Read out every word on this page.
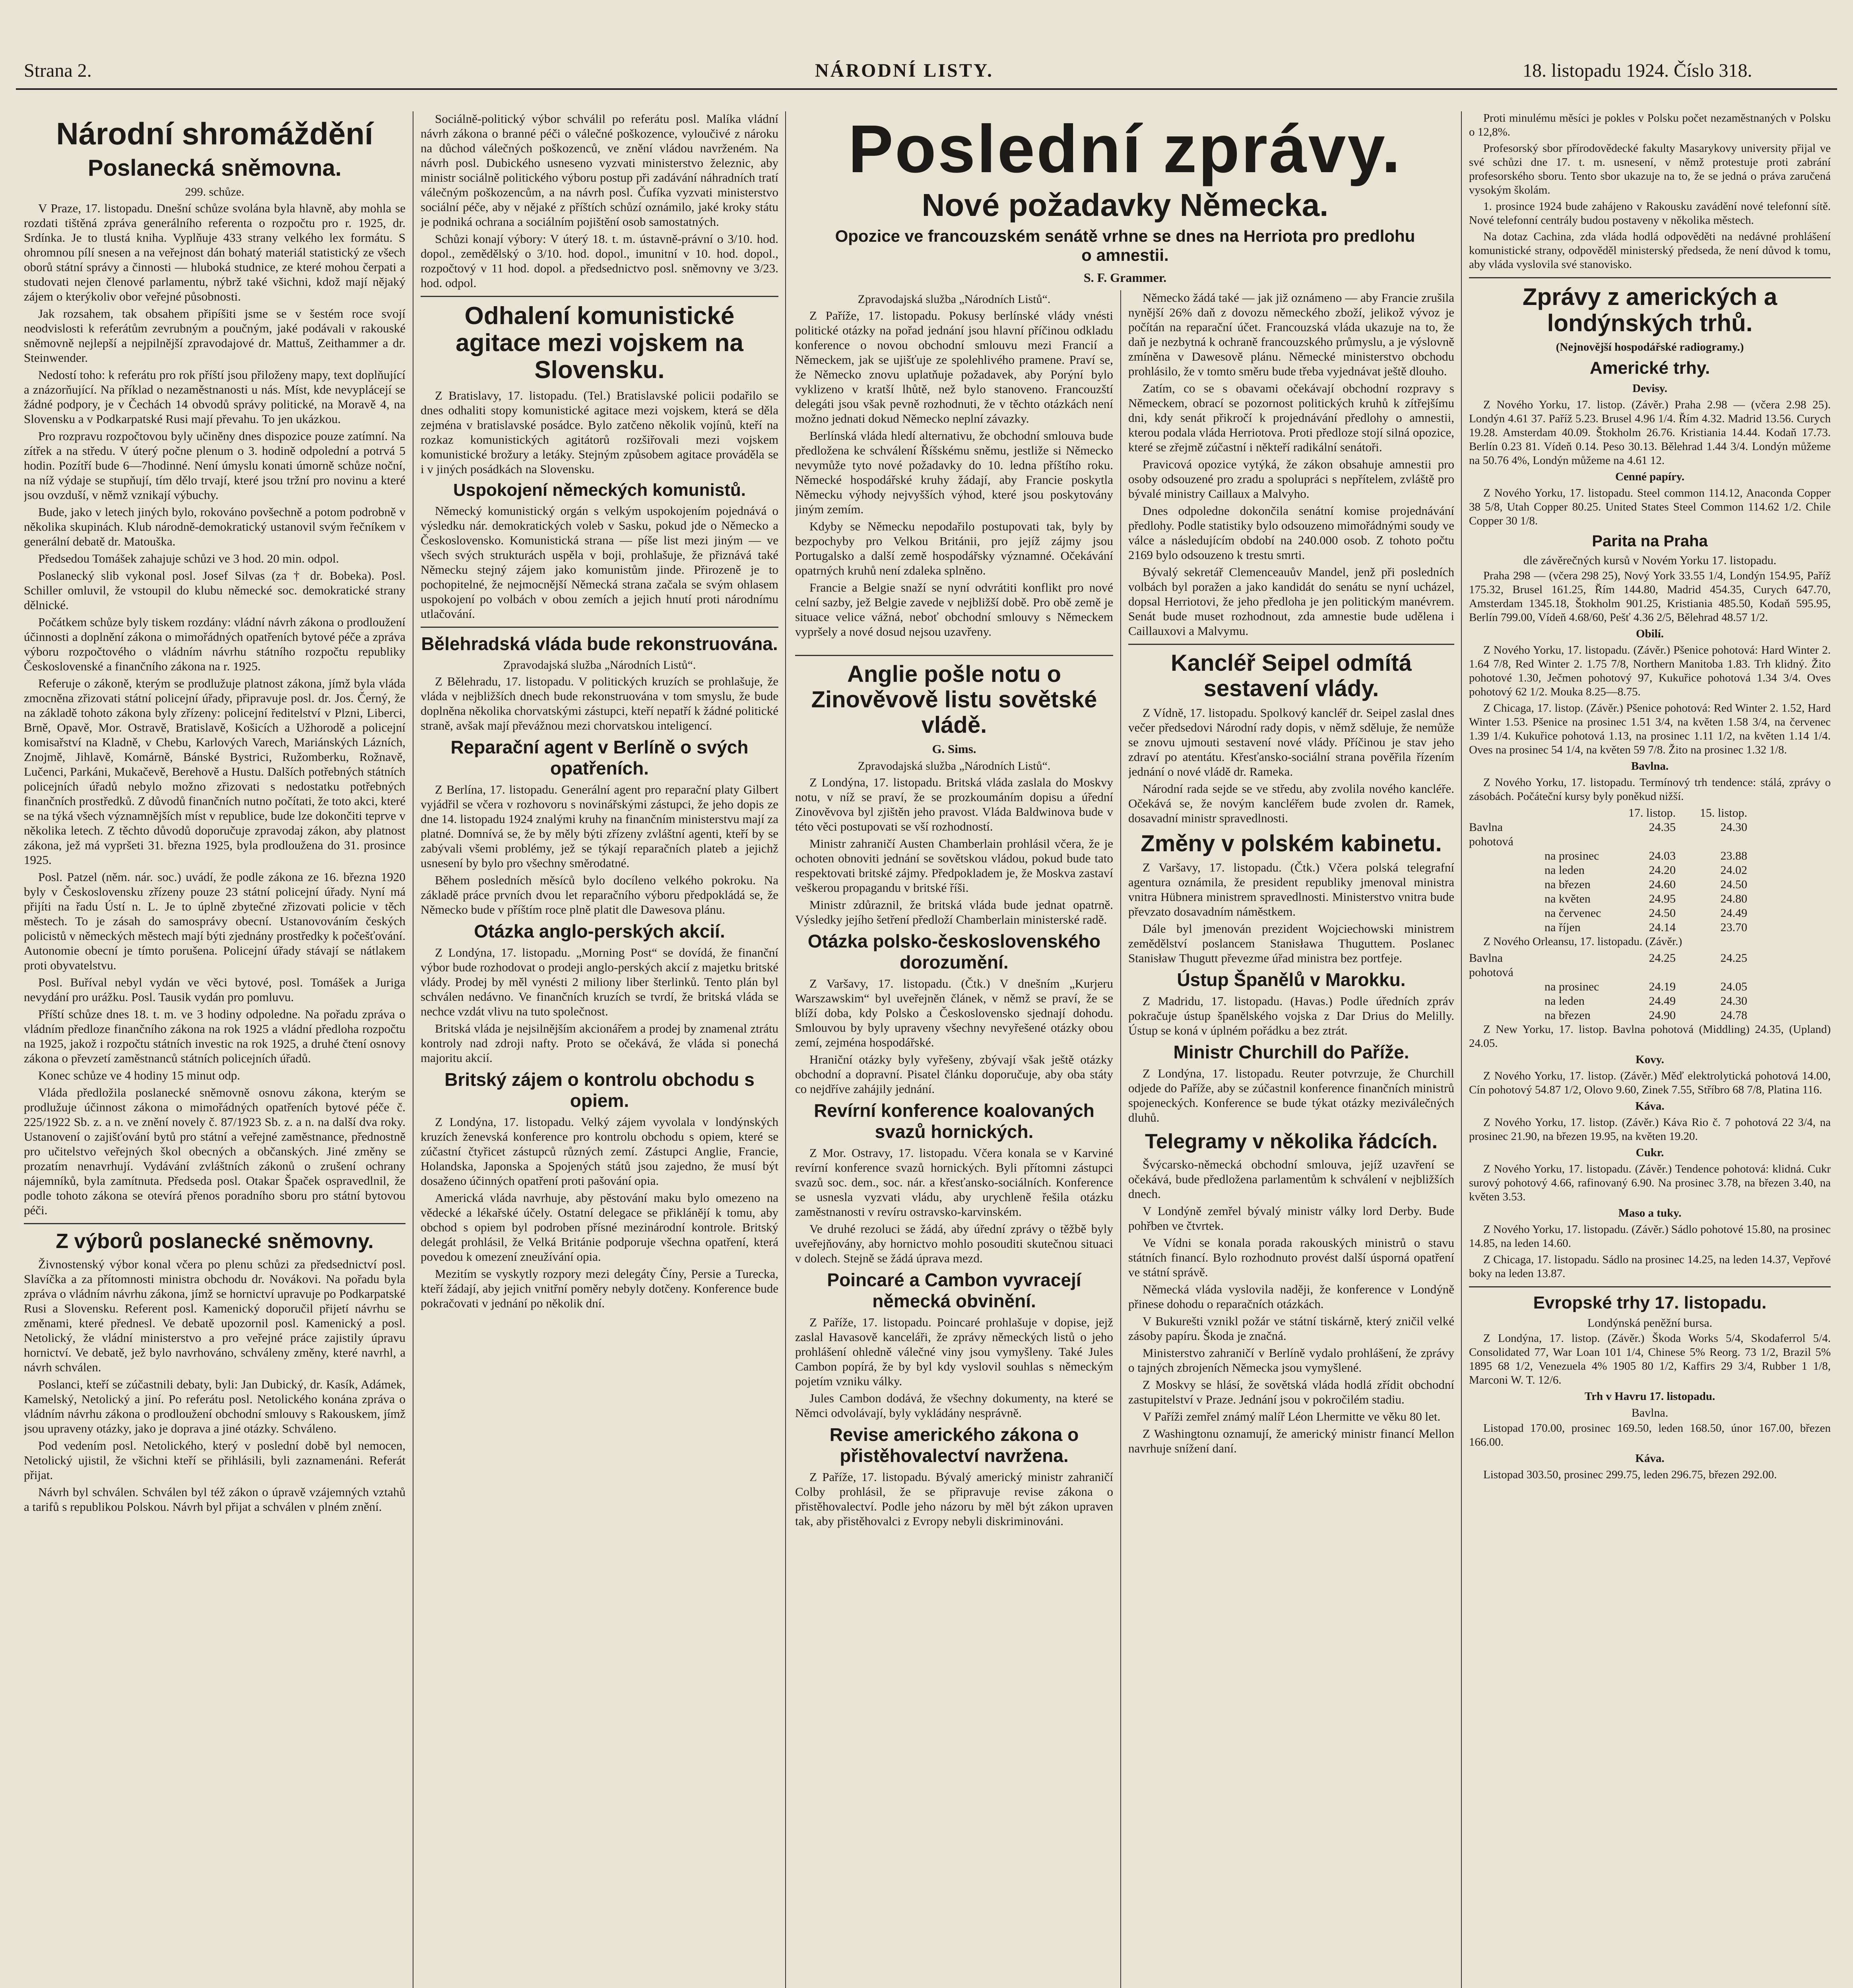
Strana 2.	NÁRODNÍ LISTY.	18. listopadu 1924. Číslo 318.
Národní shromáždění
Poslanecká sněmovna.
299. schůze.

V Praze, 17. listopadu. Dnešní schůze svolána byla hlavně, aby mohla se rozdati tištěná zpráva generálního referenta o rozpočtu pro r. 1925, dr. Srdínka. Je to tlustá kniha. Vyplňuje 433 strany velkého lex formátu. S ohromnou pílí snesen a na veřejnost dán bohatý materiál statistický ze všech oborů státní správy a činnosti — hluboká studnice, ze které mohou čerpati a studovati nejen členové parlamentu, nýbrž také všichni, kdož mají nějaký zájem o kterýkoliv obor veřejné působnosti.

Jak rozsahem, tak obsahem připíšiti jsme se v šestém roce svojí neodvislosti k referátům zevrubným a poučným, jaké podávali v rakouské sněmovně nejlepší a nejpilnější zpravodajové dr. Mattuš, Zeithammer a dr. Steinwender.

Nedostí toho: k referátu pro rok příští jsou přiloženy mapy, text doplňující a znázorňující. Na příklad o nezaměstnanosti u nás. Míst, kde nevyplácejí se žádné podpory, je v Čechách 14 obvodů správy politické, na Moravě 4, na Slovensku a v Podkarpatské Rusi mají převahu. To jen ukázkou.

Pro rozpravu rozpočtovou byly učiněny dnes dispozice pouze zatímní. Na zítřek a na středu. V úterý počne plenum o 3. hodině odpolední a potrvá 5 hodin. Pozítří bude 6—7hodinné. Není úmyslu konati úmorně schůze noční, na níž výdaje se stupňují, tím dělo trvají, které jsou tržní pro novinu a které jsou ovzduší, v němž vznikají výbuchy.

Bude, jako v letech jiných bylo, rokováno povšechně a potom podrobně v několika skupinách. Klub národně-demokratický ustanovil svým řečníkem v generální debatě dr. Matouška.

Předsedou Tomášek zahajuje schůzi ve 3 hod. 20 min. odpol.

Poslanecký slib vykonal posl. Josef Silvas (za † dr. Bobeka). Posl. Schiller omluvil, že vstoupil do klubu německé soc. demokratické strany dělnické.

Počátkem schůze byly tiskem rozdány: vládní návrh zákona o prodloužení účinnosti a doplnění zákona o mimořádných opatřeních bytové péče a zpráva výboru rozpočtového o vládním návrhu státního rozpočtu republiky Československé a finančního zákona na r. 1925.

Referuje o zákoně, kterým se prodlužuje platnost zákona, jímž byla vláda zmocněna zřizovati státní policejní úřady, připravuje posl. dr. Jos. Černý, že na základě tohoto zákona byly zřízeny: policejní ředitelství v Plzni, Liberci, Brně, Opavě, Mor. Ostravě, Bratislavě, Košicích a Užhorodě a policejní komisařství na Kladně, v Chebu, Karlových Varech, Mariánských Lázních, Znojmě, Jihlavě, Komárně, Bánské Bystrici, Ružomberku, Rožnavě, Lučenci, Parkáni, Mukačevě, Berehově a Hustu. Dalších potřebných státních policejních úřadů nebylo možno zřizovati s nedostatku potřebných finančních prostředků. Z důvodů finančních nutno počítati, že toto akci, které se na týká všech významnějších míst v republice, bude lze dokončiti teprve v několika letech. Z těchto důvodů doporučuje zpravodaj zákon, aby platnost zákona, jež má vypršeti 31. března 1925, byla prodloužena do 31. prosince 1925.

Posl. Patzel (něm. nár. soc.) uvádí, že podle zákona ze 16. března 1920 byly v Československu zřízeny pouze 23 státní policejní úřady. Nyní má přijíti na řadu Ústí n. L. Je to úplně zbytečné zřizovati policie v těch městech. To je zásah do samosprávy obecní. Ustanovováním českých policistů v německých městech mají býti zjednány prostředky k počešťování. Autonomie obecní je tímto porušena. Policejní úřady stávají se nátlakem proti obyvatelstvu.

Posl. Buříval nebyl vydán ve věci bytové, posl. Tomášek a Juriga nevydání pro urážku. Posl. Tausik vydán pro pomluvu.

Příští schůze dnes 18. t. m. ve 3 hodiny odpoledne. Na pořadu zpráva o vládním předloze finančního zákona na rok 1925 a vládní předloha rozpočtu na 1925, jakož i rozpočtu státních investic na rok 1925, a druhé čtení osnovy zákona o převzetí zaměstnanců státních policejních úřadů.

Konec schůze ve 4 hodiny 15 minut odp.

Vláda předložila poslanecké sněmovně osnovu zákona, kterým se prodlužuje účinnost zákona o mimořádných opatřeních bytové péče č. 225/1922 Sb. z. a n. ve znění novely č. 87/1923 Sb. z. a n. na další dva roky. Ustanovení o zajišťování bytů pro státní a veřejné zaměstnance, přednostně pro učitelstvo veřejných škol obecných a občanských. Jiné změny se prozatím nenavrhují. Vydávání zvláštních zákonů o zrušení ochrany nájemníků, byla zamítnuta. Předseda posl. Otakar Špaček ospravedlnil, že podle tohoto zákona se otevírá přenos poradního sboru pro státní bytovou péči.

Z výborů poslanecké sněmovny.

Živnostenský výbor konal včera po plenu schůzi za předsednictví posl. Slavíčka a za přítomnosti ministra obchodu dr. Novákovi. Na pořadu byla zpráva o vládním návrhu zákona, jímž se hornictví upravuje po Podkarpatské Rusi a Slovensku. Referent posl. Kamenický doporučil přijetí návrhu se změnami, které přednesl. Ve debatě upozornil posl. Kamenický a posl. Netolický, že vládní ministerstvo a pro veřejné práce zajistily úpravu hornictví. Ve debatě, jež bylo navrhováno, schváleny změny, které navrhl, a návrh schválen.

Poslanci, kteří se zúčastnili debaty, byli: Jan Dubický, dr. Kasík, Adámek, Kamelský, Netolický a jiní. Po referátu posl. Netolického konána zpráva o vládním návrhu zákona o prodloužení obchodní smlouvy s Rakouskem, jímž jsou upraveny otázky, jako je doprava a jiné otázky. Schváleno.

Pod vedením posl. Netolického, který v poslední době byl nemocen, Netolický ujistil, že všichni kteří se přihlásili, byli zaznamenáni. Referát přijat.

Návrh byl schválen. Schválen byl též zákon o úpravě vzájemných vztahů a tarifů s republikou Polskou. Návrh byl přijat a schválen v plném znění.

Sociálně-politický výbor schválil po referátu posl. Malíka vládní návrh zákona o branné péči o válečné poškozence, vyloučivé z nároku na důchod válečných poškozenců, ve znění vládou navrženém. Na návrh posl. Dubického usneseno vyzvati ministerstvo železnic, aby ministr sociálně politického výboru postup při zadávání náhradních tratí válečným poškozencům, a na návrh posl. Čufíka vyzvati ministerstvo sociální péče, aby v nějaké z příštích schůzí oznámilo, jaké kroky státu je podniká ochrana a sociálním pojištění osob samostatných.

Schůzi konají výbory: V úterý 18. t. m. ústavně-právní o 3/10. hod. dopol., zemědělský o 3/10. hod. dopol., imunitní v 10. hod. dopol., rozpočtový v 11 hod. dopol. a předsednictvo posl. sněmovny ve 3/23. hod. odpol.

Odhalení komunistické agitace mezi vojskem na Slovensku.

Z Bratislavy, 17. listopadu. (Tel.) Bratislavské policii podařilo se dnes odhaliti stopy komunistické agitace mezi vojskem, která se děla zejména v bratislavské posádce. Bylo zatčeno několik vojínů, kteří na rozkaz komunistických agitátorů rozšiřovali mezi vojskem komunistické brožury a letáky. Stejným způsobem agitace prováděla se i v jiných posádkách na Slovensku.

Uspokojení německých komunistů.

Německý komunistický orgán s velkým uspokojením pojednává o výsledku nár. demokratických voleb v Sasku, pokud jde o Německo a Československo. Komunistická strana — píše list mezi jiným — ve všech svých strukturách uspěla v boji, prohlašuje, že přiznává také Německu stejný zájem jako komunistům jinde. Přirozeně je to pochopitelné, že nejmocnější Německá strana začala se svým ohlasem uspokojení po volbách v obou zemích a jejich hnutí proti národnímu utlačování.

Bělehradská vláda bude rekonstruována.
Zpravodajská služba „Národních Listů“.

Z Bělehradu, 17. listopadu. V politických kruzích se prohlašuje, že vláda v nejbližších dnech bude rekonstruována v tom smyslu, že bude doplněna několika chorvatskými zástupci, kteří nepatří k žádné politické straně, avšak mají převážnou mezi chorvatskou inteligencí.

Reparační agent v Berlíně o svých opatřeních.

Z Berlína, 17. listopadu. Generální agent pro reparační platy Gilbert vyjádřil se včera v rozhovoru s novinářskými zástupci, že jeho dopis ze dne 14. listopadu 1924 znalými kruhy na finančním ministerstvu mají za platné. Domnívá se, že by měly býti zřízeny zvláštní agenti, kteří by se zabývali všemi problémy, jež se týkají reparačních plateb a jejichž usnesení by bylo pro všechny směrodatné.

Během posledních měsíců bylo docíleno velkého pokroku. Na základě práce prvních dvou let reparačního výboru předpokládá se, že Německo bude v příštím roce plně platit dle Dawesova plánu.

Otázka anglo-perských akcií.

Z Londýna, 17. listopadu. „Morning Post“ se dovídá, že finanční výbor bude rozhodovat o prodeji anglo-perských akcií z majetku britské vlády. Prodej by měl vynésti 2 miliony liber šterlinků. Tento plán byl schválen nedávno. Ve finančních kruzích se tvrdí, že britská vláda se nechce vzdát vlivu na tuto společnost.

Britská vláda je nejsilnějším akcionářem a prodej by znamenal ztrátu kontroly nad zdroji nafty. Proto se očekává, že vláda si ponechá majoritu akcií.

Britský zájem o kontrolu obchodu s opiem.

Z Londýna, 17. listopadu. Velký zájem vyvolala v londýnských kruzích ženevská konference pro kontrolu obchodu s opiem, které se zúčastní čtyřicet zástupců různých zemí. Zástupci Anglie, Francie, Holandska, Japonska a Spojených států jsou zajedno, že musí být dosaženo účinných opatření proti pašování opia.

Americká vláda navrhuje, aby pěstování maku bylo omezeno na vědecké a lékařské účely. Ostatní delegace se přiklánějí k tomu, aby obchod s opiem byl podroben přísné mezinárodní kontrole. Britský delegát prohlásil, že Velká Británie podporuje všechna opatření, která povedou k omezení zneužívání opia.

Mezitím se vyskytly rozpory mezi delegáty Číny, Persie a Turecka, kteří žádají, aby jejich vnitřní poměry nebyly dotčeny. Konference bude pokračovati v jednání po několik dní.

Poslední zprávy.
Nové požadavky Německa.
Opozice ve francouzském senátě vrhne se dnes na Herriota pro predlohu o amnestii.
S. F. Grammer.
Zpravodajská služba „Národních Listů“.

Z Paříže, 17. listopadu. Pokusy berlínské vlády vnésti politické otázky na pořad jednání jsou hlavní příčinou odkladu konference o novou obchodní smlouvu mezi Francií a Německem, jak se ujišťuje ze spolehlivého pramene. Praví se, že Německo znovu uplatňuje požadavek, aby Porýní bylo vyklizeno v kratší lhůtě, než bylo stanoveno. Francouzští delegáti jsou však pevně rozhodnuti, že v těchto otázkách není možno jednati dokud Německo neplní závazky.

Berlínská vláda hledí alternativu, že obchodní smlouva bude předložena ke schválení Říšskému sněmu, jestliže si Německo nevymůže tyto nové požadavky do 10. ledna příštího roku. Německé hospodářské kruhy žádají, aby Francie poskytla Německu výhody nejvyšších výhod, které jsou poskytovány jiným zemím.

Kdyby se Německu nepodařilo postupovati tak, byly by bezpochyby pro Velkou Británii, pro jejíž zájmy jsou Portugalsko a další země hospodářsky významné. Očekávání opatrných kruhů není zdaleka splněno.

Francie a Belgie snaží se nyní odvrátiti konflikt pro nové celní sazby, jež Belgie zavede v nejbližší době. Pro obě země je situace velice vážná, neboť obchodní smlouvy s Německem vypršely a nové dosud nejsou uzavřeny.

Anglie pošle notu o Zinověvově listu sovětské vládě.
G. Sims.
Zpravodajská služba „Národních Listů“.

Z Londýna, 17. listopadu. Britská vláda zaslala do Moskvy notu, v níž se praví, že se prozkoumáním dopisu a úřední Zinověvova byl zjištěn jeho pravost. Vláda Baldwinova bude v této věci postupovati se vší rozhodností.

Ministr zahraničí Austen Chamberlain prohlásil včera, že je ochoten obnoviti jednání se sovětskou vládou, pokud bude tato respektovati britské zájmy. Předpokladem je, že Moskva zastaví veškerou propagandu v britské říši.

Ministr zdůraznil, že britská vláda bude jednat opatrně. Výsledky jejího šetření předloží Chamberlain ministerské radě.

Otázka polsko-československého dorozumění.

Z Varšavy, 17. listopadu. (Čtk.) V dnešním „Kurjeru Warszawskim“ byl uveřejněn článek, v němž se praví, že se blíží doba, kdy Polsko a Československo sjednají dohodu. Smlouvou by byly upraveny všechny nevyřešené otázky obou zemí, zejména hospodářské.

Hraniční otázky byly vyřešeny, zbývají však ještě otázky obchodní a dopravní. Pisatel článku doporučuje, aby oba státy co nejdříve zahájily jednání.

Revírní konference koalovaných svazů hornických.

Z Mor. Ostravy, 17. listopadu. Včera konala se v Karviné revírní konference svazů hornických. Byli přítomni zástupci svazů soc. dem., soc. nár. a křesťansko-sociálních. Konference se usnesla vyzvati vládu, aby urychleně řešila otázku zaměstnanosti v revíru ostravsko-karvinském.

Ve druhé rezoluci se žádá, aby úřední zprávy o těžbě byly uveřejňovány, aby hornictvo mohlo posouditi skutečnou situaci v dolech. Stejně se žádá úprava mezd.

Poincaré a Cambon vyvracejí německá obvinění.

Z Paříže, 17. listopadu. Poincaré prohlašuje v dopise, jejž zaslal Havasově kanceláři, že zprávy německých listů o jeho prohlášení ohledně válečné viny jsou vymyšleny. Také Jules Cambon popírá, že by byl kdy vyslovil souhlas s německým pojetím vzniku války.

Jules Cambon dodává, že všechny dokumenty, na které se Němci odvolávají, byly vykládány nesprávně.

Revise amerického zákona o přistěhovalectví navržena.

Z Paříže, 17. listopadu. Bývalý americký ministr zahraničí Colby prohlásil, že se připravuje revise zákona o přistěhovalectví. Podle jeho názoru by měl být zákon upraven tak, aby přistěhovalci z Evropy nebyli diskriminováni.

Německo žádá také — jak již oznámeno — aby Francie zrušila nynější 26% daň z dovozu německého zboží, jelikož vývoz je počítán na reparační účet. Francouzská vláda ukazuje na to, že daň je nezbytná k ochraně francouzského průmyslu, a je výslovně zmíněna v Dawesově plánu. Německé ministerstvo obchodu prohlásilo, že v tomto směru bude třeba vyjednávat ještě dlouho.

Zatím, co se s obavami očekávají obchodní rozpravy s Německem, obrací se pozornost politických kruhů k zítřejšímu dni, kdy senát přikročí k projednávání předlohy o amnestii, kterou podala vláda Herriotova. Proti předloze stojí silná opozice, které se zřejmě zúčastní i někteří radikální senátoři.

Pravicová opozice vytýká, že zákon obsahuje amnestii pro osoby odsouzené pro zradu a spolupráci s nepřítelem, zvláště pro bývalé ministry Caillaux a Malvyho.

Dnes odpoledne dokončila senátní komise projednávání předlohy. Podle statistiky bylo odsouzeno mimořádnými soudy ve válce a následujícím období na 240.000 osob. Z tohoto počtu 2169 bylo odsouzeno k trestu smrti.

Bývalý sekretář Clemenceauův Mandel, jenž při posledních volbách byl poražen a jako kandidát do senátu se nyní ucházel, dopsal Herriotovi, že jeho předloha je jen politickým manévrem. Senát bude muset rozhodnout, zda amnestie bude udělena i Caillauxovi a Malvymu.

Kancléř Seipel odmítá sestavení vlády.

Z Vídně, 17. listopadu. Spolkový kancléř dr. Seipel zaslal dnes večer předsedovi Národní rady dopis, v němž sděluje, že nemůže se znovu ujmouti sestavení nové vlády. Příčinou je stav jeho zdraví po atentátu. Křesťansko-sociální strana pověřila řízením jednání o nové vládě dr. Rameka.

Národní rada sejde se ve středu, aby zvolila nového kancléře. Očekává se, že novým kancléřem bude zvolen dr. Ramek, dosavadní ministr spravedlnosti.

Změny v polském kabinetu.

Z Varšavy, 17. listopadu. (Čtk.) Včera polská telegrafní agentura oznámila, že president republiky jmenoval ministra vnitra Hübnera ministrem spravedlnosti. Ministerstvo vnitra bude převzato dosavadním náměstkem.

Dále byl jmenován prezident Wojciechowski ministrem zemědělství poslancem Stanisława Thuguttem. Poslanec Stanisław Thugutt převezme úřad ministra bez portfeje.

Ústup Španělů v Marokku.

Z Madridu, 17. listopadu. (Havas.) Podle úředních zpráv pokračuje ústup španělského vojska z Dar Drius do Melilly. Ústup se koná v úplném pořádku a bez ztrát.

Ministr Churchill do Paříže.

Z Londýna, 17. listopadu. Reuter potvrzuje, že Churchill odjede do Paříže, aby se zúčastnil konference finančních ministrů spojeneckých. Konference se bude týkat otázky meziválečných dluhů.

Telegramy v několika řádcích.

Švýcarsko-německá obchodní smlouva, jejíž uzavření se očekává, bude předložena parlamentům k schválení v nejbližších dnech.

V Londýně zemřel bývalý ministr války lord Derby. Bude pohřben ve čtvrtek.

Ve Vídni se konala porada rakouských ministrů o stavu státních financí. Bylo rozhodnuto provést další úsporná opatření ve státní správě.

Německá vláda vyslovila naději, že konference v Londýně přinese dohodu o reparačních otázkách.

V Bukurešti vznikl požár ve státní tiskárně, který zničil velké zásoby papíru. Škoda je značná.

Ministerstvo zahraničí v Berlíně vydalo prohlášení, že zprávy o tajných zbrojeních Německa jsou vymyšlené.

Z Moskvy se hlásí, že sovětská vláda hodlá zřídit obchodní zastupitelství v Praze. Jednání jsou v pokročilém stadiu.

V Paříži zemřel známý malíř Léon Lhermitte ve věku 80 let.

Z Washingtonu oznamují, že americký ministr financí Mellon navrhuje snížení daní.

Proti minulému měsíci je pokles v Polsku počet nezaměstnaných v Polsku o 12,8%.

Profesorský sbor přírodovědecké fakulty Masarykovy university přijal ve své schůzi dne 17. t. m. usnesení, v němž protestuje proti zabrání profesorského sboru. Tento sbor ukazuje na to, že se jedná o práva zaručená vysokým školám.

1. prosince 1924 bude zahájeno v Rakousku zavádění nové telefonní sítě. Nové telefonní centrály budou postaveny v několika městech.

Na dotaz Cachina, zda vláda hodlá odpověděti na nedávné prohlášení komunistické strany, odpověděl ministerský předseda, že není důvod k tomu, aby vláda vyslovila své stanovisko.

Zprávy z amerických a londýnských trhů.
(Nejnovější hospodářské radiogramy.)
Americké trhy.
Devisy.

Z Nového Yorku, 17. listop. (Závěr.) Praha 2.98 — (včera 2.98 25). Londýn 4.61 37. Paříž 5.23. Brusel 4.96 1/4. Řím 4.32. Madrid 13.56. Curych 19.28. Amsterdam 40.09. Štokholm 26.76. Kristiania 14.44. Kodaň 17.73. Berlín 0.23 81. Vídeň 0.14. Peso 30.13. Bělehrad 1.44 3/4. Londýn můžeme na 50.76 4%, Londýn můžeme na 4.61 12.

Cenné papíry.

Z Nového Yorku, 17. listopadu. Steel common 114.12, Anaconda Copper 38 5/8, Utah Copper 80.25. United States Steel Common 114.62 1/2. Chile Copper 30 1/8.

Parita na Praha
dle závěrečných kursů v Novém Yorku 17. listopadu.

Praha 298 — (včera 298 25), Nový York 33.55 1/4, Londýn 154.95, Paříž 175.32, Brusel 161.25, Řím 144.80, Madrid 454.35, Curych 647.70, Amsterdam 1345.18, Štokholm 901.25, Kristiania 485.50, Kodaň 595.95, Berlín 799.00, Vídeň 4.68/60, Pešť 4.36 2/5, Bělehrad 48.57 1/2.

Obilí.

Z Nového Yorku, 17. listopadu. (Závěr.) Pšenice pohotová: Hard Winter 2. 1.64 7/8, Red Winter 2. 1.75 7/8, Northern Manitoba 1.83. Trh klidný. Žito pohotové 1.30, Ječmen pohotový 97, Kukuřice pohotová 1.34 3/4. Oves pohotový 62 1/2. Mouka 8.25—8.75.

Z Chicaga, 17. listop. (Závěr.) Pšenice pohotová: Red Winter 2. 1.52, Hard Winter 1.53. Pšenice na prosinec 1.51 3/4, na květen 1.58 3/4, na červenec 1.39 1/4. Kukuřice pohotová 1.13, na prosinec 1.11 1/2, na květen 1.14 1/4. Oves na prosinec 54 1/4, na květen 59 7/8. Žito na prosinec 1.32 1/8.

Bavlna.

Z Nového Yorku, 17. listopadu. Termínový trh tendence: stálá, zprávy o zásobách. Počáteční kursy byly poněkud nižší.

17. listop.	15. listop.
Bavlna pohotová
24.35	24.30
na prosinec	24.03	23.88
na leden	24.20	24.02
na březen	24.60	24.50
na květen	24.95	24.80
na červenec	24.50	24.49
na říjen	24.14	23.70

Z Nového Orleansu, 17. listopadu. (Závěr.)

Bavlna pohotová
24.25	24.25
na prosinec	24.19	24.05
na leden	24.49	24.30
na březen	24.90	24.78

Z New Yorku, 17. listop. Bavlna pohotová (Middling) 24.35, (Upland) 24.05.

Kovy.

Z Nového Yorku, 17. listop. (Závěr.) Měď elektrolytická pohotová 14.00, Cín pohotový 54.87 1/2, Olovo 9.60, Zinek 7.55, Stříbro 68 7/8, Platina 116.

Káva.

Z Nového Yorku, 17. listop. (Závěr.) Káva Rio č. 7 pohotová 22 3/4, na prosinec 21.90, na březen 19.95, na květen 19.20.

Cukr.

Z Nového Yorku, 17. listopadu. (Závěr.) Tendence pohotová: klidná. Cukr surový pohotový 4.66, rafinovaný 6.90. Na prosinec 3.78, na březen 3.40, na květen 3.53.

Maso a tuky.

Z Nového Yorku, 17. listopadu. (Závěr.) Sádlo pohotové 15.80, na prosinec 14.85, na leden 14.60.

Z Chicaga, 17. listopadu. Sádlo na prosinec 14.25, na leden 14.37, Vepřové boky na leden 13.87.

Evropské trhy 17. listopadu.
Londýnská peněžní bursa.

Z Londýna, 17. listop. (Závěr.) Škoda Works 5/4, Skodaferrol 5/4. Consolidated 77, War Loan 101 1/4, Chinese 5% Reorg. 73 1/2, Brazil 5% 1895 68 1/2, Venezuela 4% 1905 80 1/2, Kaffirs 29 3/4, Rubber 1 1/8, Marconi W. T. 12/6.

Trh v Havru 17. listopadu.
Bavlna.

Listopad 170.00, prosinec 169.50, leden 168.50, únor 167.00, březen 166.00.

Káva.

Listopad 303.50, prosinec 299.75, leden 296.75, březen 292.00.
